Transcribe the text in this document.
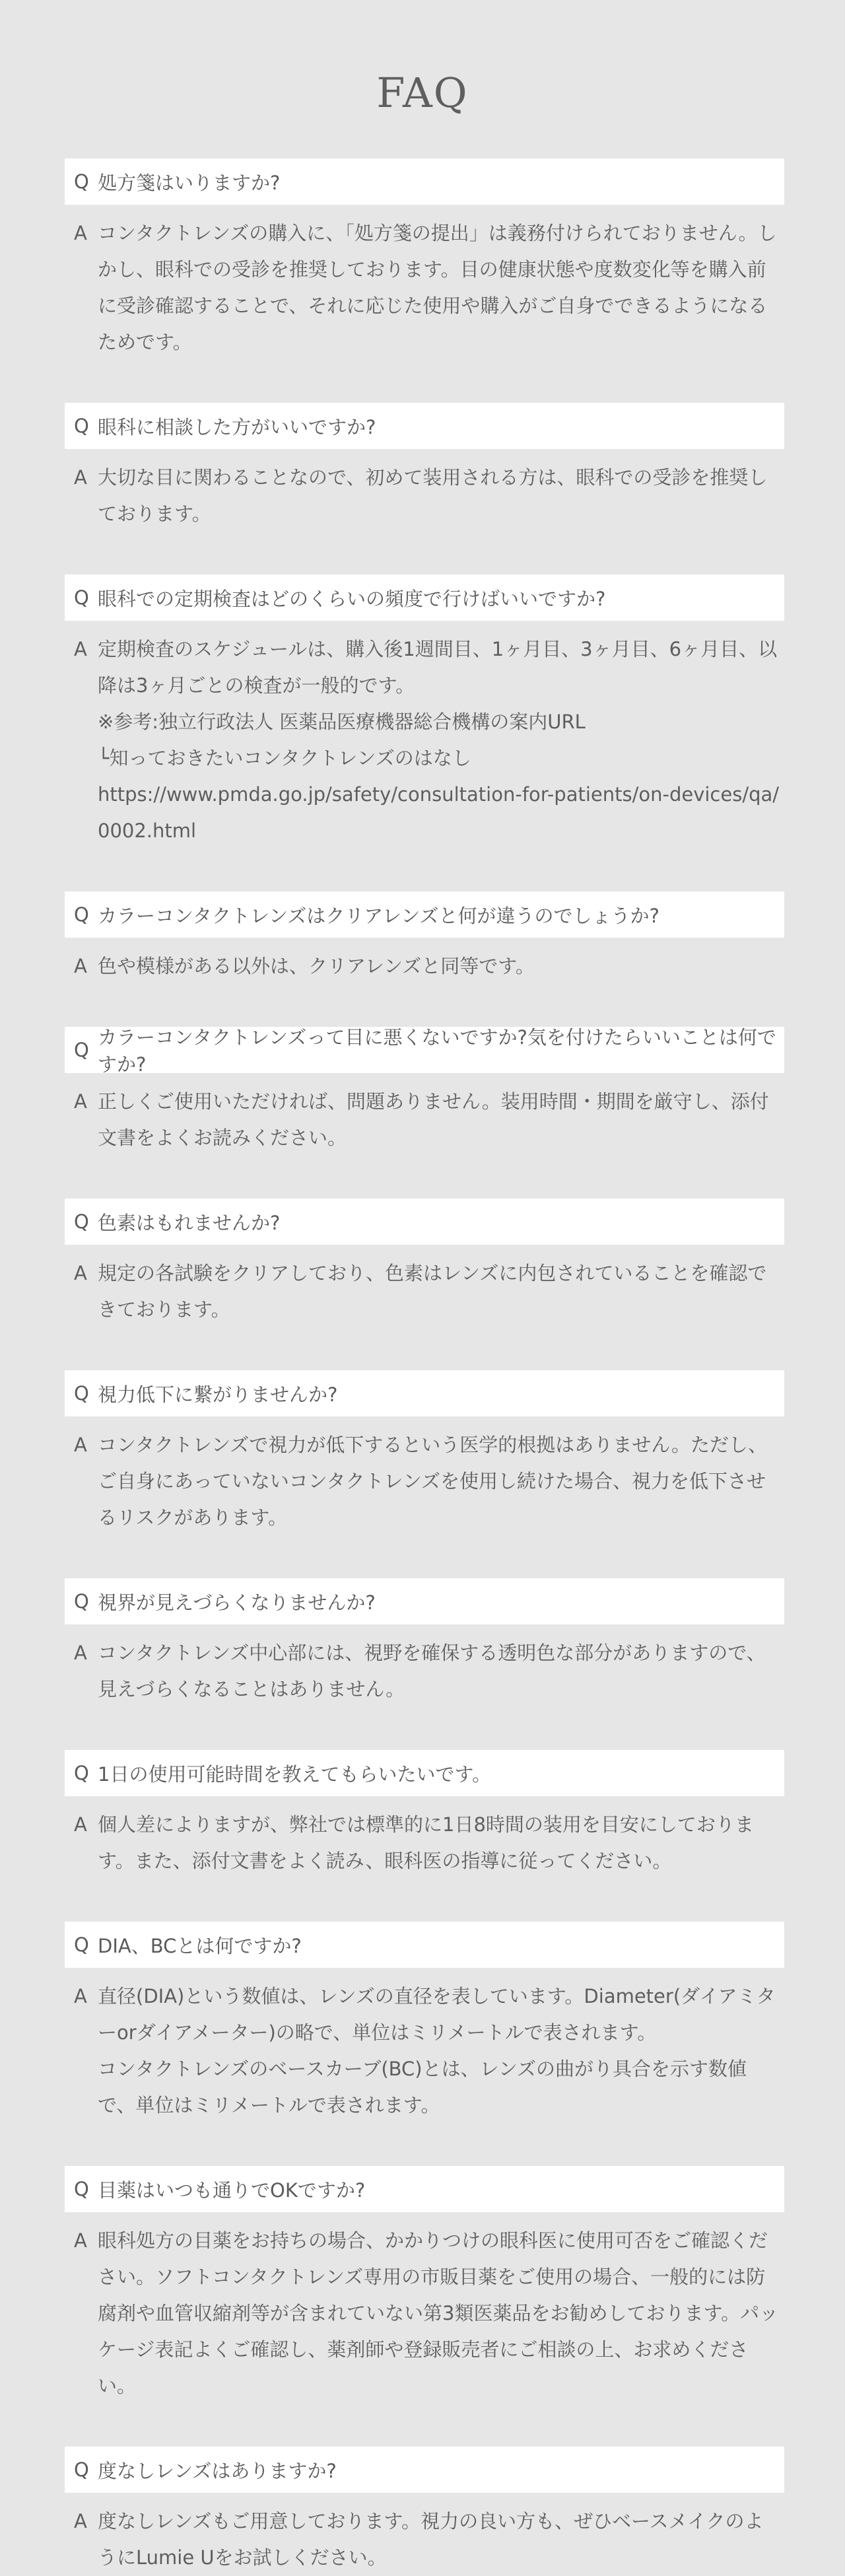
FAQ
Q 処方箋はいりますか?
A コンタクトレンズの購入に、「処方箋の提出」は義務付けられておりません。しかし、眼科での受診を推奨しております。目の健康状態や度数変化等を購入前に受診確認することで、それに応じた使用や購入がご自身でできるようになるためです。
Q 眼科に相談した方がいいですか?
A 大切な目に関わることなので、初めて装用される方は、眼科での受診を推奨しております。
Q 眼科での定期検査はどのくらいの頻度で行けばいいですか?
A 定期検査のスケジュールは、購入後1週間目、1ヶ月目、3ヶ月目、6ヶ月目、以降は3ヶ月ごとの検査が一般的です。
※参考:独立行政法人 医薬品医療機器総合機構の案内URL
└知っておきたいコンタクトレンズのはなし
https://www.pmda.go.jp/safety/consultation-for-patients/on-devices/qa/0002.html
Q カラーコンタクトレンズはクリアレンズと何が違うのでしょうか?
A 色や模様がある以外は、クリアレンズと同等です。
Q
カラーコンタクトレンズって目に悪くないですか?気を付けたらいいことは何ですか?
A 正しくご使用いただければ、問題ありません。装用時間・期間を厳守し、添付文書をよくお読みください。
Q 色素はもれませんか?
A 規定の各試験をクリアしており、色素はレンズに内包されていることを確認できております。
Q 視力低下に繋がりませんか?
A コンタクトレンズで視力が低下するという医学的根拠はありません。ただし、ご自身にあっていないコンタクトレンズを使用し続けた場合、視力を低下させるリスクがあります。
Q 視界が見えづらくなりませんか?
A コンタクトレンズ中心部には、視野を確保する透明色な部分がありますので、見えづらくなることはありません。
Q 1日の使用可能時間を教えてもらいたいです。
A 個人差によりますが、弊社では標準的に1日8時間の装用を目安にしております。また、添付文書をよく読み、眼科医の指導に従ってください。
Q DIA、BCとは何ですか?
A 直径(DIA)という数値は、レンズの直径を表しています。Diameter(ダイアミターorダイアメーター)の略で、単位はミリメートルで表されます。
コンタクトレンズのベースカーブ(BC)とは、レンズの曲がり具合を示す数値で、単位はミリメートルで表されます。
Q 目薬はいつも通りでOKですか?
A 眼科処方の目薬をお持ちの場合、かかりつけの眼科医に使用可否をご確認ください。ソフトコンタクトレンズ専用の市販目薬をご使用の場合、一般的には防腐剤や血管収縮剤等が含まれていない第3類医薬品をお勧めしております。パッケージ表記よくご確認し、薬剤師や登録販売者にご相談の上、お求めください。
Q 度なしレンズはありますか?
A 度なしレンズもご用意しております。視力の良い方も、ぜひベースメイクのようにLumie Uをお試しください。
